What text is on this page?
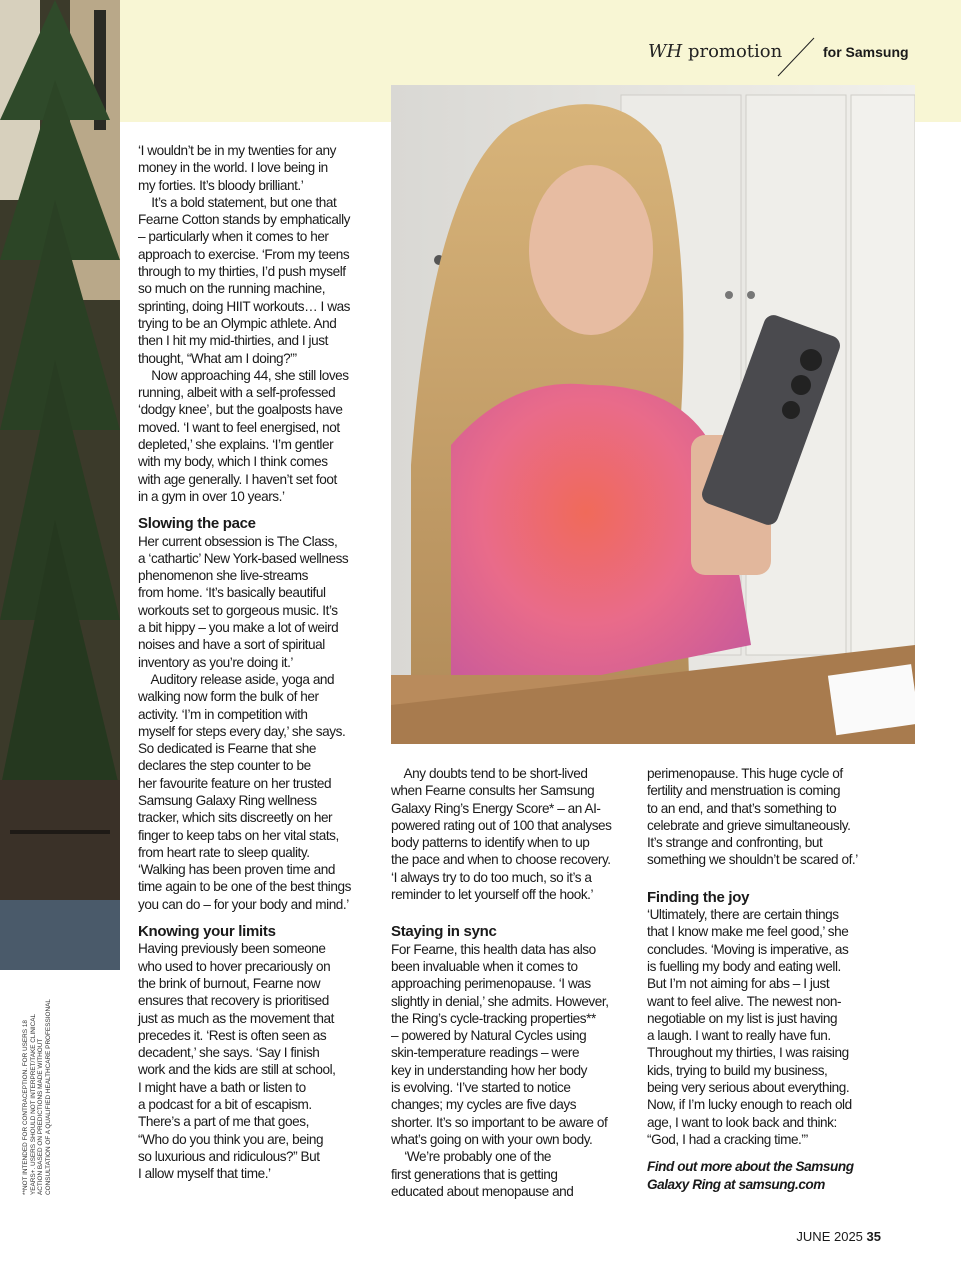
WH promotion	for Samsung
‘I wouldn’t be in my twenties for any
money in the world. I love being in
my forties. It’s bloody brilliant.’
It’s a bold statement, but one that
Fearne Cotton stands by emphatically
– particularly when it comes to her
approach to exercise. ‘From my teens
through to my thirties, I’d push myself
so much on the running machine,
sprinting, doing HIIT workouts… I was
trying to be an Olympic athlete. And
then I hit my mid-thirties, and I just
thought, “What am I doing?”’
Now approaching 44, she still loves
running, albeit with a self-professed
‘dodgy knee’, but the goalposts have
moved. ‘I want to feel energised, not
depleted,’ she explains. ‘I’m gentler
with my body, which I think comes
with age generally. I haven’t set foot
in a gym in over 10 years.’
Slowing the pace
Her current obsession is The Class,
a ‘cathartic’ New York-based wellness
phenomenon she live-streams
from home. ‘It’s basically beautiful
workouts set to gorgeous music. It’s
a bit hippy – you make a lot of weird
noises and have a sort of spiritual
inventory as you’re doing it.’
Auditory release aside, yoga and
walking now form the bulk of her
activity. ‘I’m in competition with
myself for steps every day,’ she says.
So dedicated is Fearne that she
declares the step counter to be
her favourite feature on her trusted
Samsung Galaxy Ring wellness
tracker, which sits discreetly on her
finger to keep tabs on her vital stats,
from heart rate to sleep quality.
‘Walking has been proven time and
time again to be one of the best things
you can do – for your body and mind.’
Knowing your limits
Having previously been someone
who used to hover precariously on
the brink of burnout, Fearne now
ensures that recovery is prioritised
just as much as the movement that
precedes it. ‘Rest is often seen as
decadent,’ she says. ‘Say I finish
work and the kids are still at school,
I might have a bath or listen to
a podcast for a bit of escapism.
There’s a part of me that goes,
“Who do you think you are, being
so luxurious and ridiculous?” But
I allow myself that time.’
Any doubts tend to be short-lived
when Fearne consults her Samsung
Galaxy Ring’s Energy Score* – an AI-
powered rating out of 100 that analyses
body patterns to identify when to up
the pace and when to choose recovery.
‘I always try to do too much, so it’s a
reminder to let yourself off the hook.’
Staying in sync
For Fearne, this health data has also
been invaluable when it comes to
approaching perimenopause. ‘I was
slightly in denial,’ she admits. However,
the Ring’s cycle-tracking properties**
– powered by Natural Cycles using
skin-temperature readings – were
key in understanding how her body
is evolving. ‘I’ve started to notice
changes; my cycles are five days
shorter. It’s so important to be aware of
what’s going on with your own body.
‘We’re probably one of the
first generations that is getting
educated about menopause and
perimenopause. This huge cycle of
fertility and menstruation is coming
to an end, and that’s something to
celebrate and grieve simultaneously.
It’s strange and confronting, but
something we shouldn’t be scared of.’
Finding the joy
‘Ultimately, there are certain things
that I know make me feel good,’ she
concludes. ‘Moving is imperative, as
is fuelling my body and eating well.
But I’m not aiming for abs – I just
want to feel alive. The newest non-
negotiable on my list is just having
a laugh. I want to really have fun.
Throughout my thirties, I was raising
kids, trying to build my business,
being very serious about everything.
Now, if I’m lucky enough to reach old
age, I want to look back and think:
“God, I had a cracking time.”’
Find out more about the Samsung
Galaxy Ring at samsung.com
**NOT INTENDED FOR CONTRACEPTION. FOR USERS 18 YEARS+. USERS SHOULD NOT INTERPRET/TAKE CLINICAL ACTION BASED ON PREDICTIONS MADE WITHOUT CONSULTATION OF A QUALIFIED HEALTHCARE PROFESSIONAL
JUNE 2025 35
